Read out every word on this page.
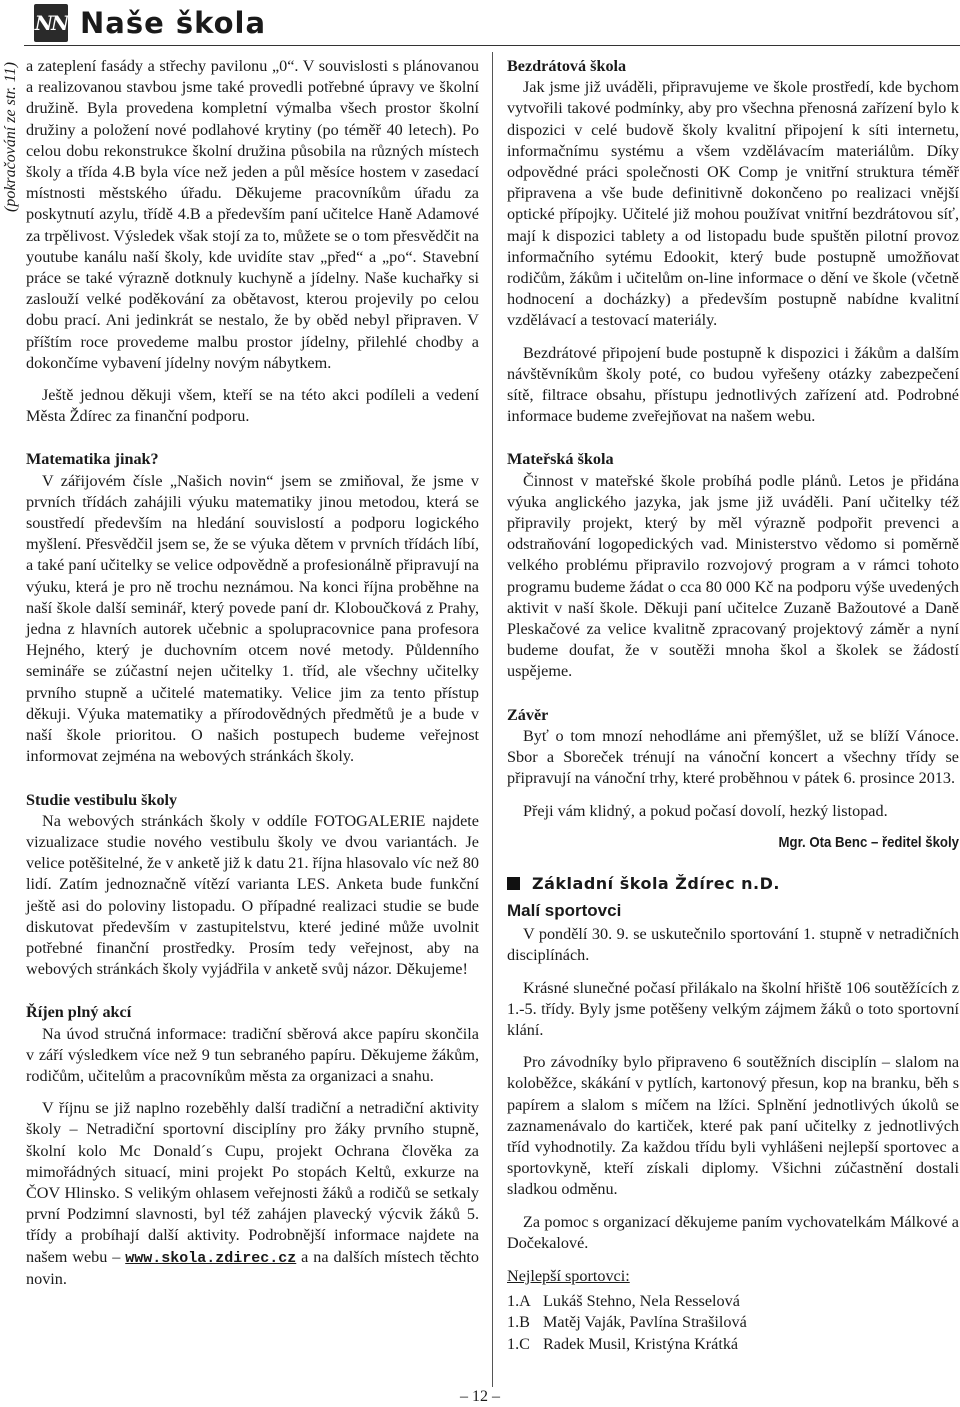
NN Naše škola
(pokračování ze str. 11) a zateplení fasády a střechy pavilonu „0“. V souvislosti s plánovanou a realizovanou stavbou jsme také provedli potřebné úpravy ve školní družině. Byla provedena kompletní výmalba všech prostor školní družiny a položení nové podlahové krytiny (po téměř 40 letech). Po celou dobu rekonstrukce školní družina působila na různých místech školy a třída 4.B byla více než jeden a půl měsíce hostem v zasedací místnosti městského úřadu. Děkujeme pracovníkům úřadu za poskytnutí azylu, třídě 4.B a především paní učitelce Haně Adamové za trpělivost. Výsledek však stojí za to, můžete se o tom přesvědčit na youtube kanálu naší školy, kde uvidíte stav „před“ a „po“. Stavební práce se také výrazně dotknuly kuchyně a jídelny. Naše kuchařky si zaslouží velké poděkování za obětavost, kterou projevily po celou dobu prací. Ani jedinkrát se nestalo, že by oběd nebyl připraven. V příštím roce provedeme malbu prostor jídelny, přilehlé chodby a dokončíme vybavení jídelny novým nábytkem.

Ještě jednou děkuji všem, kteří se na této akci podíleli a vedení Města Ždírec za finanční podporu.

Matematika jinak?

V zářijovém čísle „Našich novin“ jsem se zmiňoval, že jsme v prvních třídách zahájili výuku matematiky jinou metodou, která se soustředí především na hledání souvislostí a podporu logického myšlení. Přesvědčil jsem se, že se výuka dětem v prvních třídách líbí, a také paní učitelky se velice odpovědně a profesionálně připravují na výuku, která je pro ně trochu neznámou. Na konci října proběhne na naší škole další seminář, který povede paní dr. Kloboučková z Prahy, jedna z hlavních autorek učebnic a spolupracovnice pana profesora Hejného, který je duchovním otcem nové metody. Půldenního semináře se zúčastní nejen učitelky 1. tříd, ale všechny učitelky prvního stupně a učitelé matematiky. Velice jim za tento přístup děkuji. Výuka matematiky a přírodovědných předmětů je a bude v naší škole prioritou. O našich postupech budeme veřejnost informovat zejména na webových stránkách školy.

Studie vestibulu školy

Na webových stránkách školy v oddíle FOTOGALERIE najdete vizualizace studie nového vestibulu školy ve dvou variantách. Je velice potěšitelné, že v anketě již k datu 21. října hlasovalo víc než 80 lidí. Zatím jednoznačně vítězí varianta LES. Anketa bude funkční ještě asi do poloviny listopadu. O případné realizaci studie se bude diskutovat především v zastupitelstvu, které jediné může uvolnit potřebné finanční prostředky. Prosím tedy veřejnost, aby na webových stránkách školy vyjádřila v anketě svůj názor. Děkujeme!

Říjen plný akcí

Na úvod stručná informace: tradiční sběrová akce papíru skončila v září výsledkem více než 9 tun sebraného papíru. Děkujeme žákům, rodičům, učitelům a pracovníkům města za organizaci a snahu.

V říjnu se již naplno rozeběhly další tradiční a netradiční aktivity školy – Netradiční sportovní disciplíny pro žáky prvního stupně, školní kolo Mc Donald´s Cupu, projekt Ochrana člověka za mimořádných situací, mini projekt Po stopách Keltů, exkurze na ČOV Hlinsko. S velikým ohlasem veřejnosti žáků a rodičů se setkaly první Podzimní slavnosti, byl též zahájen plavecký výcvik žáků 5. třídy a probíhají další aktivity. Podrobnější informace najdete na našem webu – www.skola.zdirec.cz a na dalších místech těchto novin.

Bezdrátová škola

Jak jsme již uváděli, připravujeme ve škole prostředí, kde bychom vytvořili takové podmínky, aby pro všechna přenosná zařízení bylo k dispozici v celé budově školy kvalitní připojení k síti internetu, informačnímu systému a všem vzdělávacím materiálům. Díky odpovědné práci společnosti OK Comp je vnitřní struktura téměř připravena a vše bude definitivně dokončeno po realizaci vnější optické přípojky. Učitelé již mohou používat vnitřní bezdrátovou síť, mají k dispozici tablety a od listopadu bude spuštěn pilotní provoz informačního sytému Edookit, který bude postupně umožňovat rodičům, žákům i učitelům on-line informace o dění ve škole (včetně hodnocení a docházky) a především postupně nabídne kvalitní vzdělávací a testovací materiály.

Bezdrátové připojení bude postupně k dispozici i žákům a dalším návštěvníkům školy poté, co budou vyřešeny otázky zabezpečení sítě, filtrace obsahu, přístupu jednotlivých zařízení atd. Podrobné informace budeme zveřejňovat na našem webu.

Mateřská škola

Činnost v mateřské škole probíhá podle plánů. Letos je přidána výuka anglického jazyka, jak jsme již uváděli. Paní učitelky též připravily projekt, který by měl výrazně podpořit prevenci a odstraňování logopedických vad. Ministerstvo vědomo si poměrně velkého problému připravilo rozvojový program a v rámci tohoto programu budeme žádat o cca 80 000 Kč na podporu výše uvedených aktivit v naší škole. Děkuji paní učitelce Zuzaně Bažoutové a Daně Pleskačové za velice kvalitně zpracovaný projektový záměr a nyní budeme doufat, že v soutěži mnoha škol a školek se žádostí uspějeme.

Závěr

Byť o tom mnozí nehodláme ani přemýšlet, už se blíží Vánoce. Sbor a Sboreček trénují na vánoční koncert a všechny třídy se připravují na vánoční trhy, které proběhnou v pátek 6. prosince 2013.

Přeji vám klidný, a pokud počasí dovolí, hezký listopad.

Mgr. Ota Benc – ředitel školy
Základní škola Ždírec n.D.
Malí sportovci

V pondělí 30. 9. se uskutečnilo sportování 1. stupně v netradičních disciplínách.

Krásné slunečné počasí přilákalo na školní hřiště 106 soutěžících z 1.-5. třídy. Byly jsme potěšeny velkým zájmem žáků o toto sportovní klání.

Pro závodníky bylo připraveno 6 soutěžních disciplín – slalom na koloběžce, skákání v pytlích, kartonový přesun, kop na branku, běh s papírem a slalom s míčem na lžíci. Splnění jednotlivých úkolů se zaznamenávalo do kartiček, které pak paní učitelky z jednotlivých tříd vyhodnotily. Za každou třídu byli vyhlášeni nejlepší sportovec a sportovkyně, kteří získali diplomy. Všichni zúčastnění dostali sladkou odměnu.

Za pomoc s organizací děkujeme paním vychovatelkám Málkové a Dočekalové.

Nejlepší sportovci:

1.A Lukáš Stehno, Nela Resselová
1.B Matěj Vaják, Pavlína Strašilová
1.C Radek Musil, Kristýna Krátká
– 12 –
